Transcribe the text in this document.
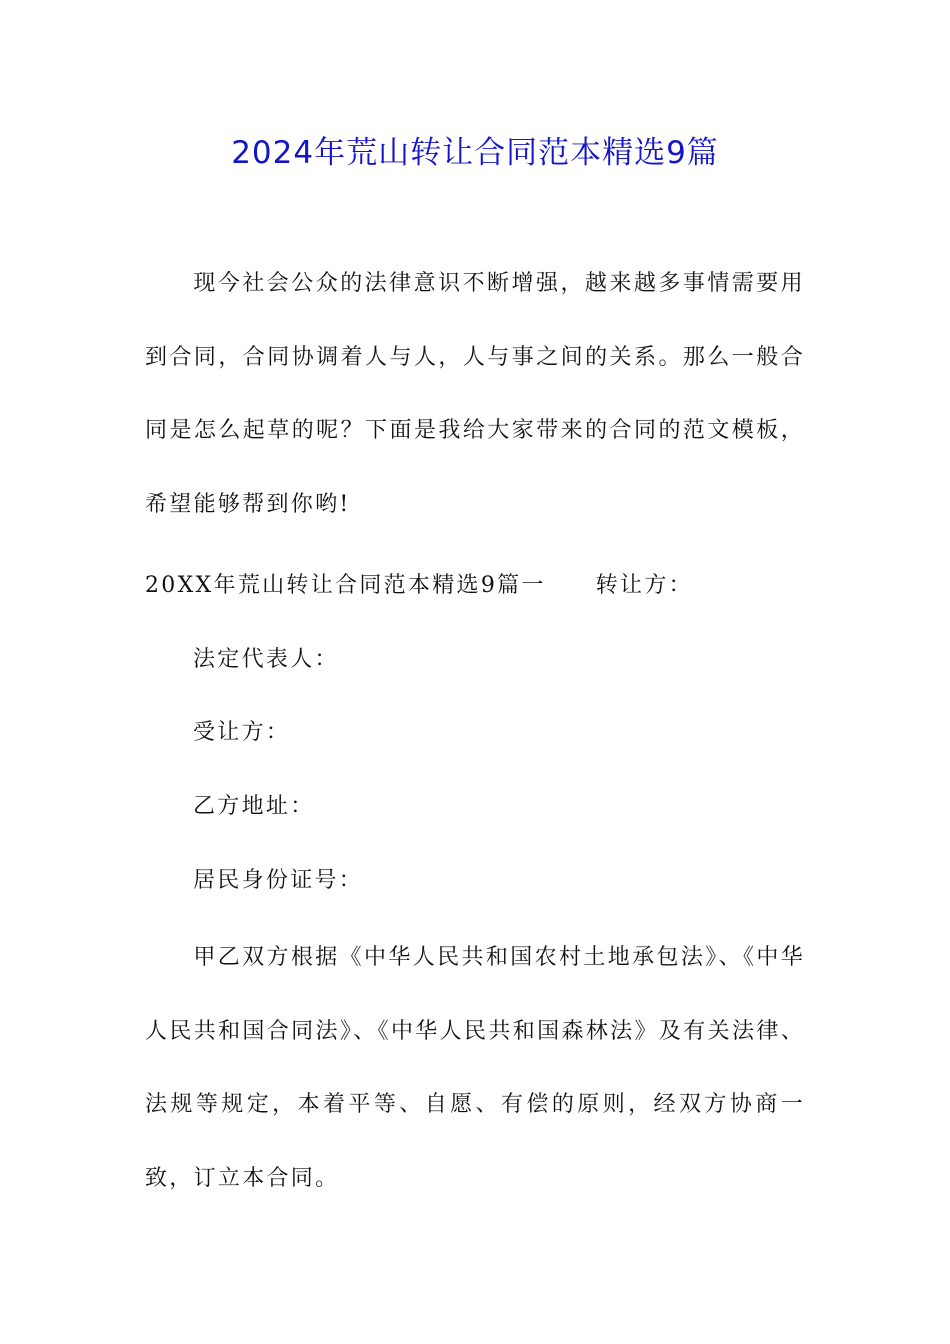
2024年荒山转让合同范本精选9篇

现今社会公众的法律意识不断增强，越来越多事情需要用到合同，合同协调着人与人，人与事之间的关系。那么一般合同是怎么起草的呢？下面是我给大家带来的合同的范文模板，希望能够帮到你哟!

20XX年荒山转让合同范本精选9篇一 转让方：
法定代表人：
受让方：
乙方地址：
居民身份证号：

甲乙双方根据《中华人民共和国农村土地承包法》、《中华人民共和国合同法》、《中华人民共和国森林法》及有关法律、法规等规定，本着平等、自愿、有偿的原则，经双方协商一致，订立本合同。
